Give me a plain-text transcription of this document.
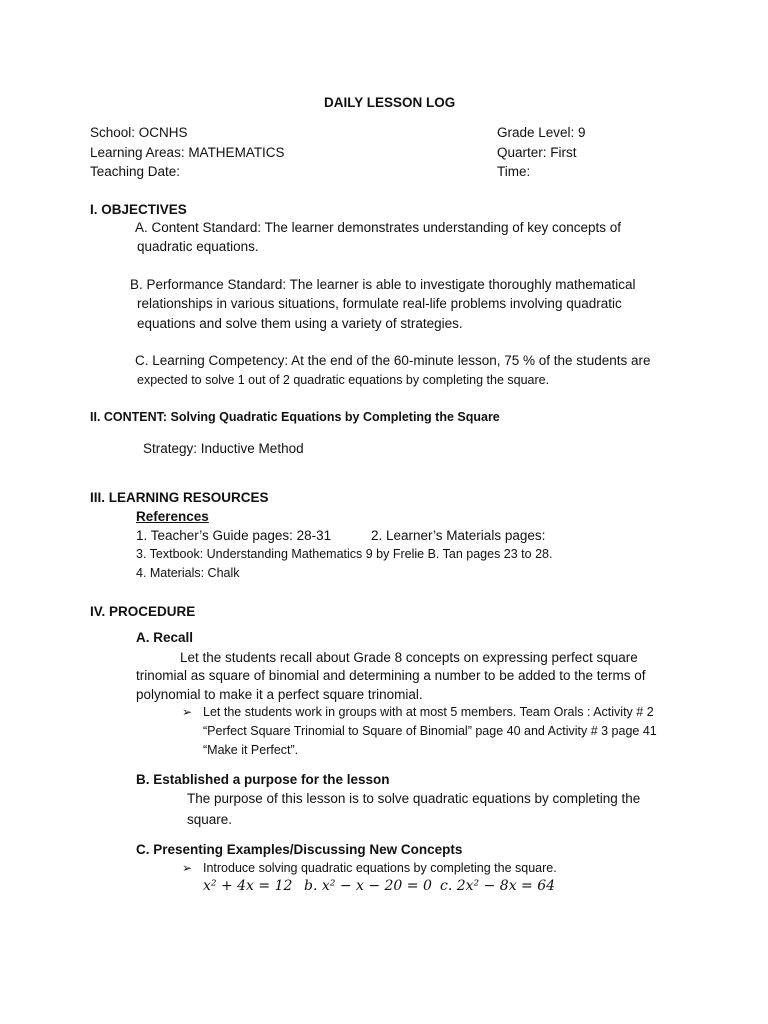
DAILY LESSON LOG
School: OCNHS	Grade Level: 9
Learning Areas: MATHEMATICS	Quarter: First
Teaching Date:	Time:
I. OBJECTIVES
A. Content Standard: The learner demonstrates understanding of key concepts of
quadratic equations.
B. Performance Standard: The learner is able to investigate thoroughly mathematical
relationships in various situations, formulate real-life problems involving quadratic
equations and solve them using a variety of strategies.
C. Learning Competency: At the end of the 60-minute lesson, 75 % of the students are
expected to solve 1 out of 2 quadratic equations by completing the square.
II. CONTENT: Solving Quadratic Equations by Completing the Square
Strategy: Inductive Method
III. LEARNING RESOURCES
References
1. Teacher’s Guide pages: 28-31	2. Learner’s Materials pages:
3. Textbook: Understanding Mathematics 9 by Frelie B. Tan pages 23 to 28.
4. Materials: Chalk
IV. PROCEDURE
A. Recall
Let the students recall about Grade 8 concepts on expressing perfect square
trinomial as square of binomial and determining a number to be added to the terms of
polynomial to make it a perfect square trinomial.
➢ Let the students work in groups with at most 5 members. Team Orals : Activity # 2
“Perfect Square Trinomial to Square of Binomial” page 40 and Activity # 3 page 41
“Make it Perfect”.
B. Established a purpose for the lesson
The purpose of this lesson is to solve quadratic equations by completing the
square.
C. Presenting Examples/Discussing New Concepts
➢ Introduce solving quadratic equations by completing the square.
x² + 4x = 12 b. x² − x − 20 = 0 c. 2x² − 8x = 64
